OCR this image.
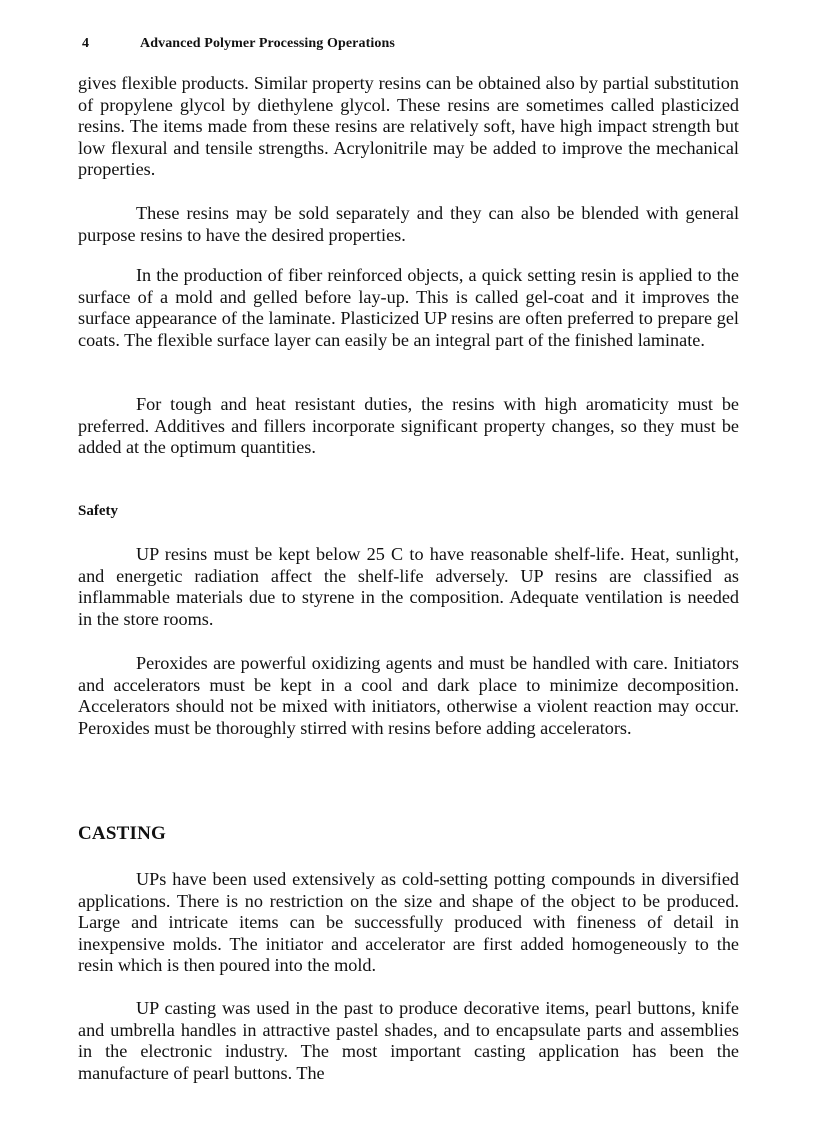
4	Advanced Polymer Processing Operations

gives flexible products. Similar property resins can be obtained also by partial substitution of propylene glycol by diethylene glycol. These resins are sometimes called plasticized resins. The items made from these resins are relatively soft, have high impact strength but low flexural and tensile strengths. Acrylonitrile may be added to improve the mechanical properties.

These resins may be sold separately and they can also be blended with general purpose resins to have the desired properties.

In the production of fiber reinforced objects, a quick setting resin is applied to the surface of a mold and gelled before lay-up. This is called gel-coat and it improves the surface appearance of the laminate. Plasticized UP resins are often preferred to prepare gel coats. The flexible surface layer can easily be an integral part of the finished laminate.

For tough and heat resistant duties, the resins with high aromaticity must be preferred. Additives and fillers incorporate significant property changes, so they must be added at the optimum quantities.

Safety

UP resins must be kept below 25 C to have reasonable shelf-life. Heat, sunlight, and energetic radiation affect the shelf-life adversely. UP resins are classified as inflammable materials due to styrene in the composition. Adequate ventilation is needed in the store rooms.

Peroxides are powerful oxidizing agents and must be handled with care. Initiators and accelerators must be kept in a cool and dark place to minimize decomposition. Accelerators should not be mixed with initiators, otherwise a violent reaction may occur. Peroxides must be thoroughly stirred with resins before adding accelerators.

CASTING

UPs have been used extensively as cold-setting potting compounds in diversified applications. There is no restriction on the size and shape of the object to be produced. Large and intricate items can be successfully produced with fineness of detail in inexpensive molds. The initiator and accelerator are first added homogeneously to the resin which is then poured into the mold.

UP casting was used in the past to produce decorative items, pearl buttons, knife and umbrella handles in attractive pastel shades, and to encapsulate parts and assemblies in the electronic industry. The most important casting application has been the manufacture of pearl buttons. The
